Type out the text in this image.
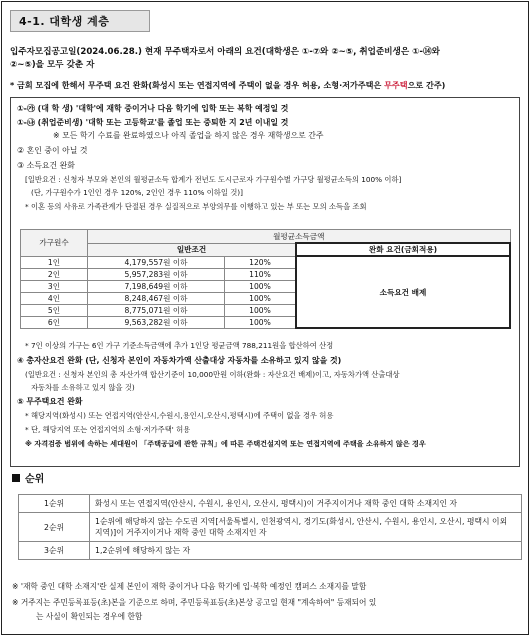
4-1. 대학생 계층
입주자모집공고일(2024.06.28.) 현재 무주택자로서 아래의 요건(대학생은 ①-⑦와 ②~⑤, 취업준비생은 ①-⑭와
②~⑤)을 모두 갖춘 자
* 금회 모집에 한해서 무주택 요건 완화(화성시 또는 연접지역에 주택이 없을 경우 허용, 소형·저가주택은 무주택으로 간주)
①-㉮ (대 학 생) '대학'에 재학 중이거나 다음 학기에 입학 또는 복학 예정일 것
①-㉯ (취업준비생) '대학 또는 고등학교'를 졸업 또는 중퇴한 지 2년 이내일 것
※ 모든 학기 수료를 완료하였으나 아직 졸업을 하지 않은 경우 재학생으로 간주
② 혼인 중이 아닐 것
③ 소득요건 완화
[일반요건 : 신청자 부모와 본인의 월평균소득 합계가 전년도 도시근로자 가구원수별 가구당 월평균소득의 100% 이하]
(단, 가구원수가 1인인 경우 120%, 2인인 경우 110% 이하일 것)]
* 이혼 등의 사유로 가족관계가 단절된 경우 실질적으로 부양의무를 이행하고 있는 부 또는 모의 소득을 조회
* 7인 이상의 가구는 6인 가구 기준소득금액에 추가 1인당 평균금액 788,211원을 합산하여 산정
④ 총자산요건 완화 (단, 신청자 본인이 자동차가액 산출대상 자동차를 소유하고 있지 않을 것)
(일반요건 : 신청자 본인의 총 자산가액 합산기준이 10,000만원 이하(완화 : 자산요건 배제)이고, 자동차가액 산출대상
자동차를 소유하고 있지 않을 것)
⑤ 무주택요건 완화
* 해당지역(화성시) 또는 연접지역(안산시,수원시,용인시,오산시,평택시)에 주택이 없을 경우 허용
* 단, 해당지역 또는 연접지역의 소형·저가주택' 허용
※ 자격검증 범위에 속하는 세대원이 「주택공급에 관한 규칙」에 따른 주택건설지역 또는 연접지역에 주택을 소유하지 않은 경우
가구원수	월평균소득금액		
	일반조건		완화 요건(금회적용)
1인	4,179,557원 이하	120%	소득요건 배제
2인	5,957,283원 이하	110%	
3인	7,198,649원 이하	100%	
4인	8,248,467원 이하	100%	
5인	8,775,071원 이하	100%	
6인	9,563,282원 이하	100%	
순위
1순위	화성시 또는 연접지역(안산시, 수원시, 용인시, 오산시, 평택시)이 거주지이거나 재학 중인 대학 소재지인 자
2순위	1순위에 해당하지 않는 수도권 지역[서울특별시, 인천광역시, 경기도(화성시, 안산시, 수원시, 용인시, 오산시, 평택시 이외 지역)]이 거주지이거나 재학 중인 대학 소재지인 자
3순위	1,2순위에 해당하지 않는 자
※ '재학 중인 대학 소재지'란 실제 본인이 재학 중이거나 다음 학기에 입·복학 예정인 캠퍼스 소재지를 말함
※ 거주지는 주민등록표등(초)본을 기준으로 하며, 주민등록표등(초)본상 공고일 현재 "계속하여" 등재되어 있
는 사실이 확인되는 경우에 한함
